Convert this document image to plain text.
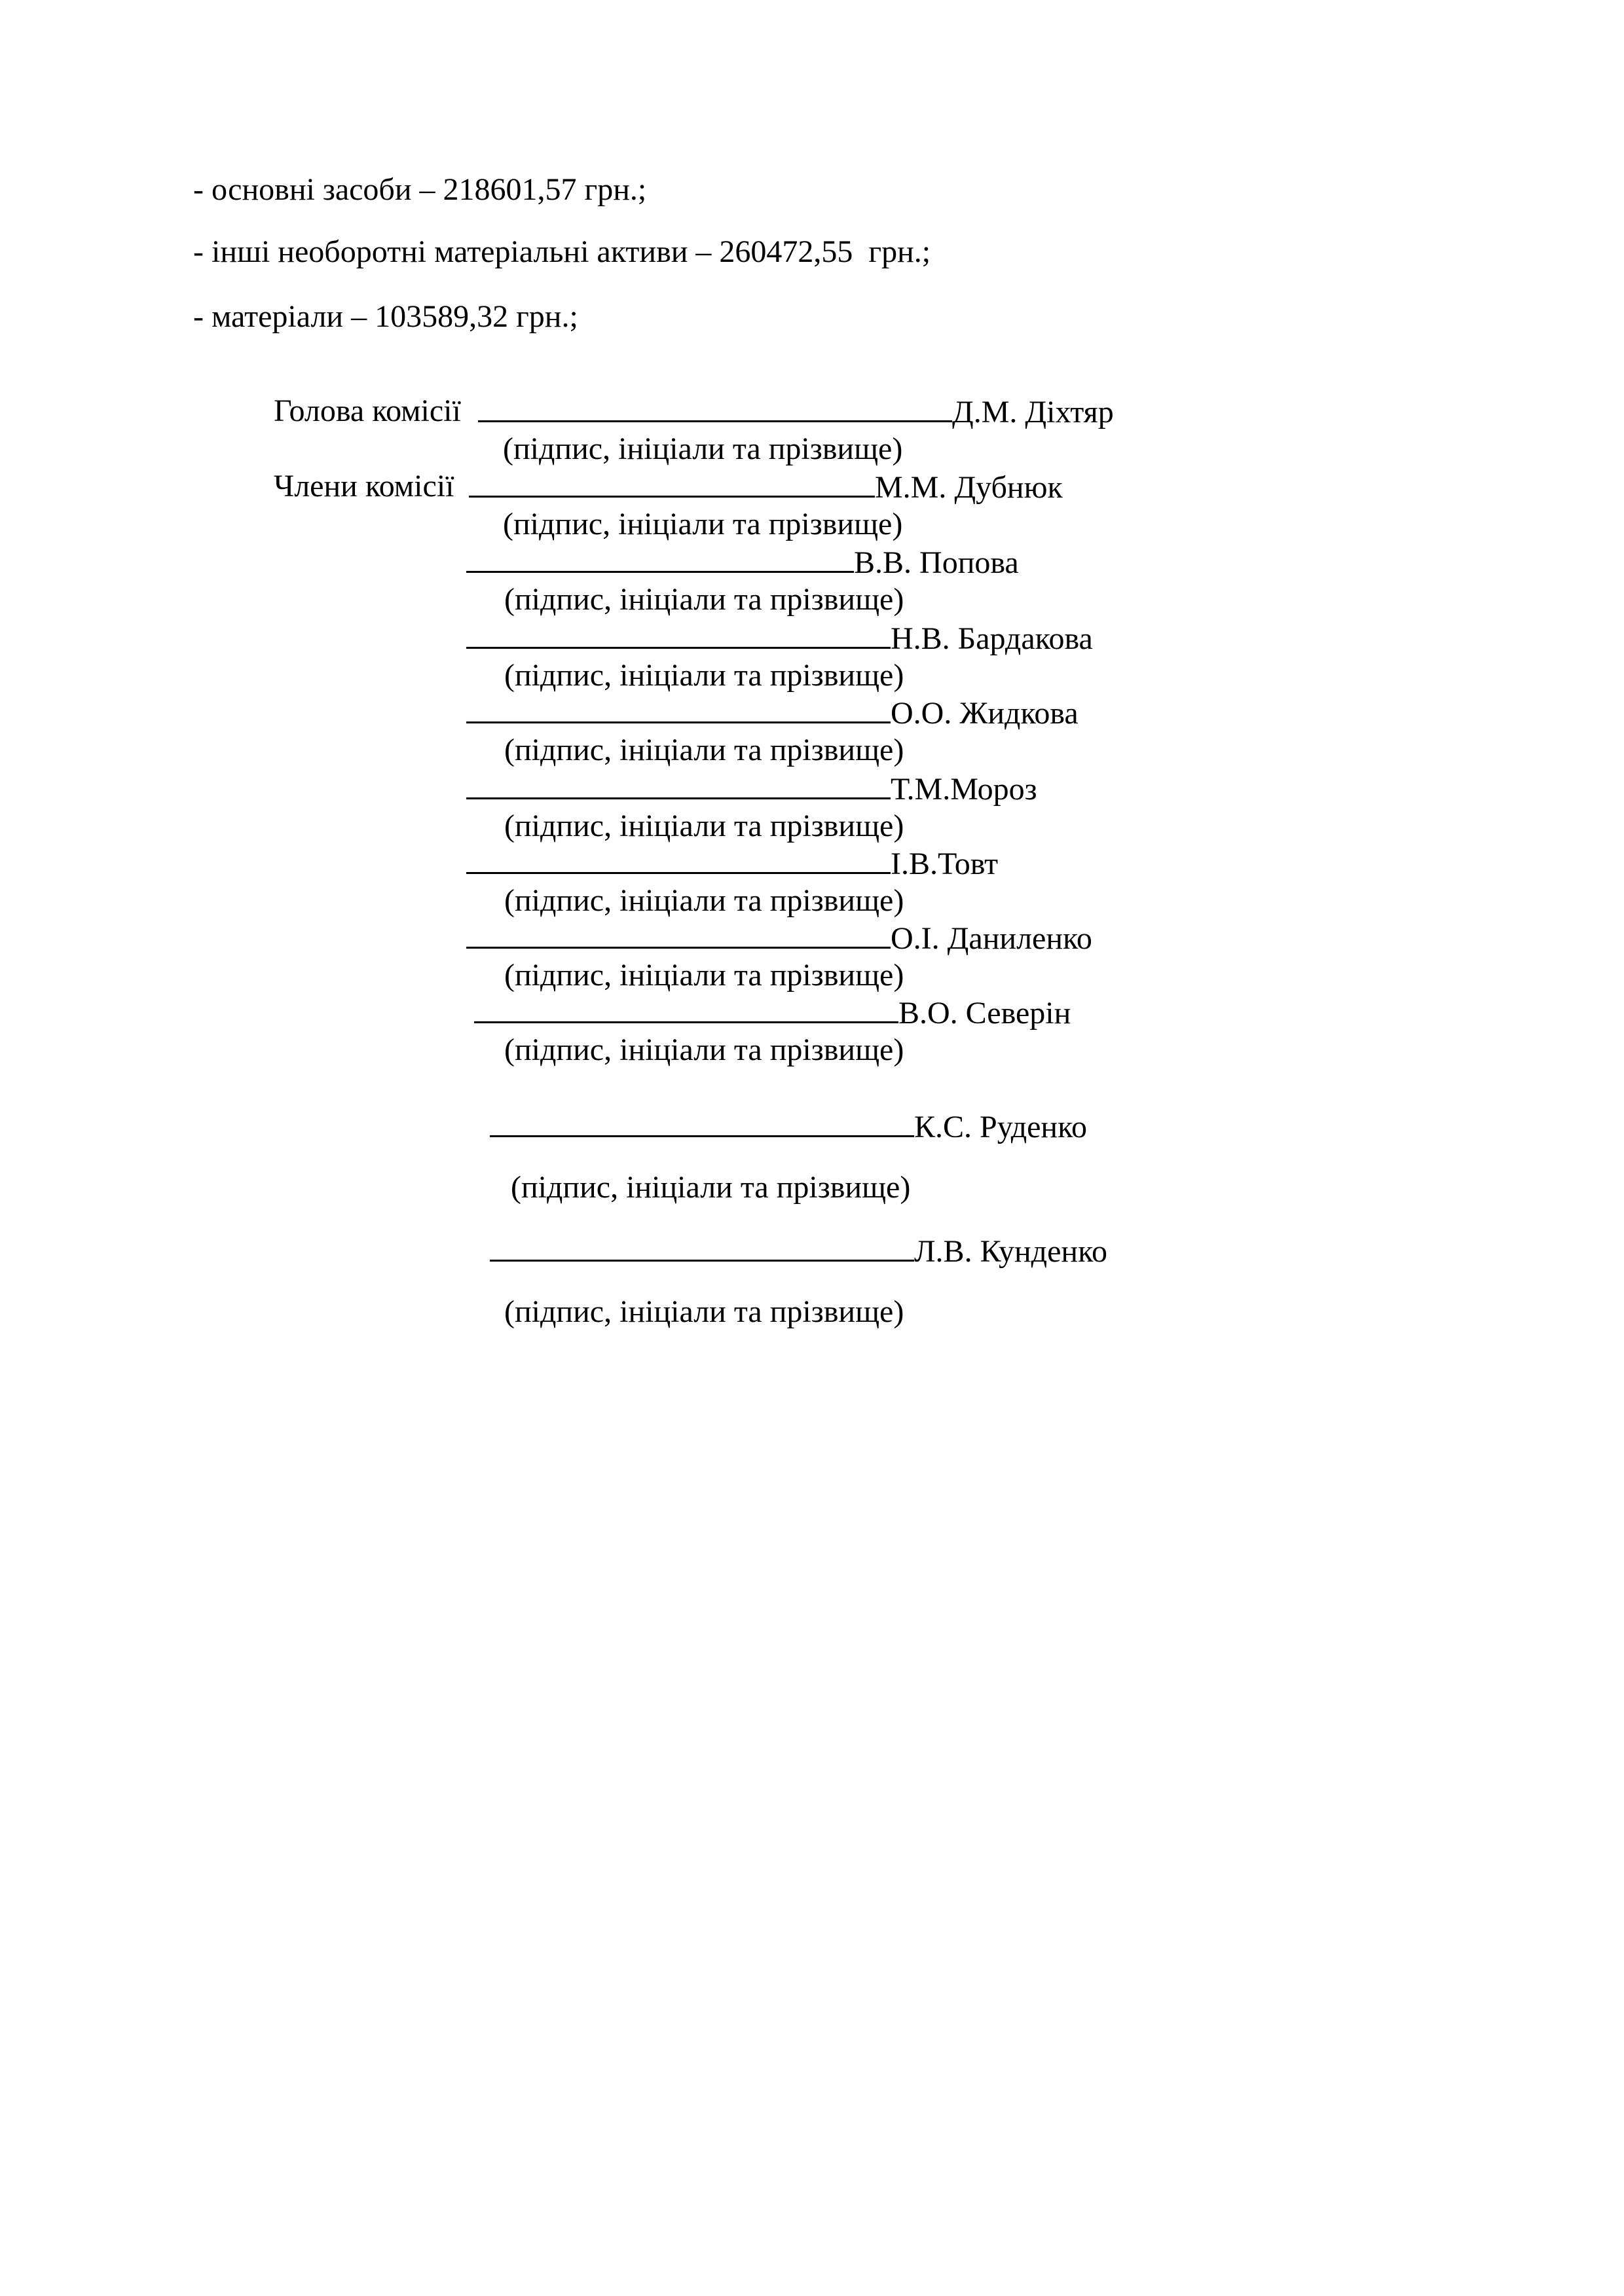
- основні засоби – 218601,57 грн.;

- інші необоротні матеріальні активи – 260472,55  грн.;

- матеріали – 103589,32 грн.;

Голова комісії	Д.М. Діхтяр
(підпис, ініціали та прізвище)
Члени комісії	М.М. Дубнюк
(підпис, ініціали та прізвище)
В.В. Попова
(підпис, ініціали та прізвище)
Н.В. Бардакова
(підпис, ініціали та прізвище)
О.О. Жидкова
(підпис, ініціали та прізвище)
Т.М.Мороз
(підпис, ініціали та прізвище)
І.В.Товт
(підпис, ініціали та прізвище)
О.І. Даниленко
(підпис, ініціали та прізвище)
В.О. Северін
(підпис, ініціали та прізвище)
К.С. Руденко
(підпис, ініціали та прізвище)
Л.В. Кунденко
(підпис, ініціали та прізвище)
